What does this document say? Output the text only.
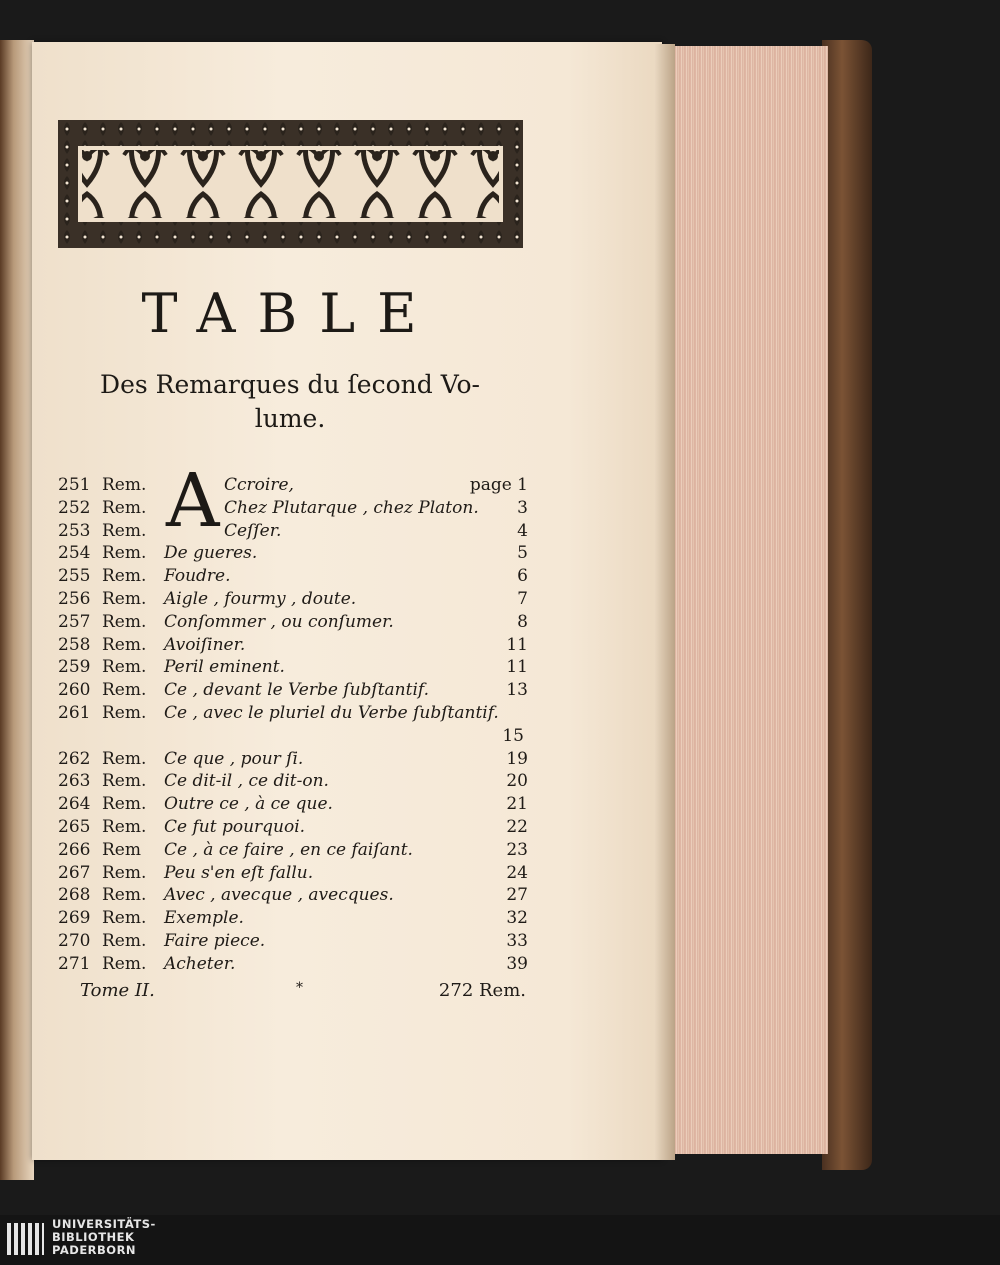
TABLE
Des Remarques du ſecond Vo-
lume.
A
251 Rem.	Ccroire,	page 1
252 Rem.	Chez Plutarque , chez Platon. 3
253 Rem.	Ceſſer.	4
254 Rem. De gueres.	5
255 Rem. Foudre.	6
256 Rem. Aigle , fourmy , doute.	7
257 Rem. Conſommer , ou conſumer.	8
258 Rem. Avoiſiner.	11
259 Rem. Peril eminent.	11
260 Rem. Ce , devant le Verbe ſubſtantif.	13
261 Rem. Ce , avec le pluriel du Verbe ſubſtantif.
15
262 Rem. Ce que , pour ſi.	19
263 Rem. Ce dit-il , ce dit-on.	20
264 Rem. Outre ce , à ce que.	21
265 Rem. Ce fut pourquoi.	22
266 Rem Ce , à ce faire , en ce faiſant.	23
267 Rem. Peu s'en eſt fallu.	24
268 Rem. Avec , avecque , avecques.	27
269 Rem. Exemple.	32
270 Rem. Faire piece.	33
271 Rem. Acheter.	39
Tome II.	*	272 Rem.
UNIVERSITÄTS-
BIBLIOTHEK
PADERBORN
